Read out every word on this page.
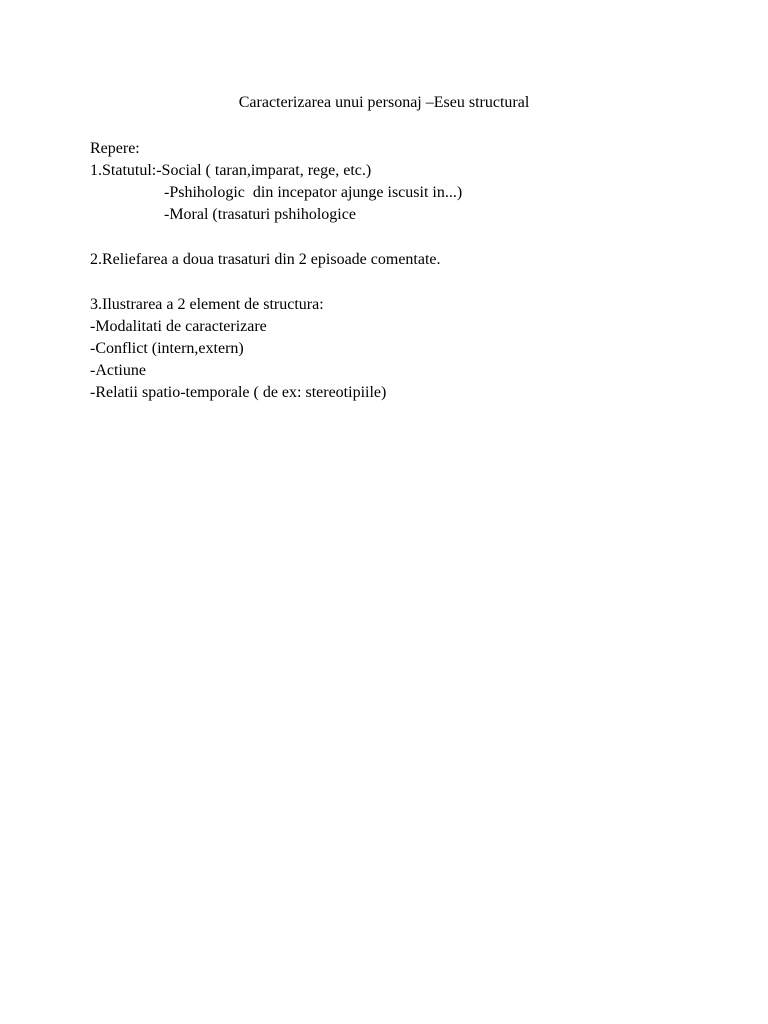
Caracterizarea unui personaj –Eseu structural
Repere:
1.Statutul:-Social ( taran,imparat, rege, etc.)
-Pshihologic  din incepator ajunge iscusit in...)
-Moral (trasaturi pshihologice
2.Reliefarea a doua trasaturi din 2 episoade comentate.
3.Ilustrarea a 2 element de structura:
-Modalitati de caracterizare
-Conflict (intern,extern)
-Actiune
-Relatii spatio-temporale ( de ex: stereotipiile)
